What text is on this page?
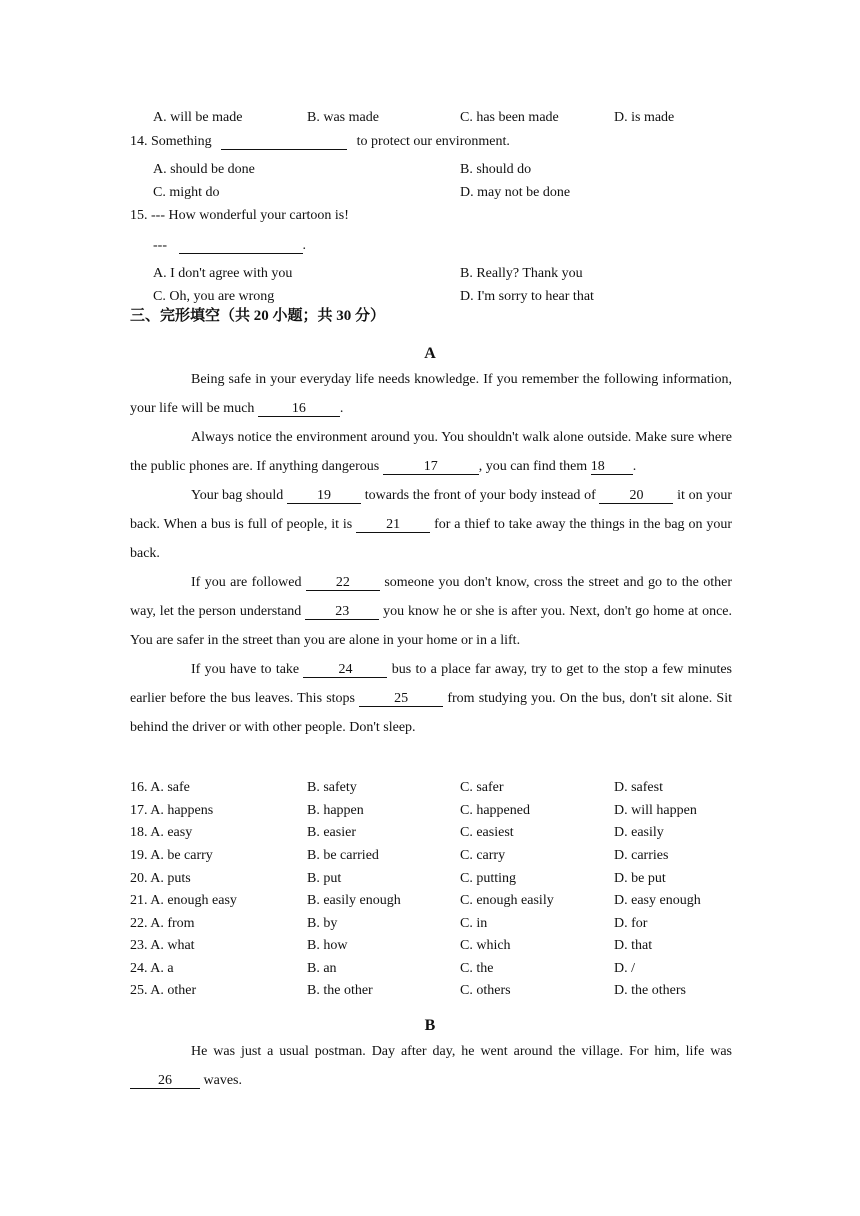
A. will be made	B. was made	C. has been made	D. is made
14. Something	to protect our environment.
A. should be done	B. should do
C. might do	D. may not be done
15. --- How wonderful your cartoon is!
---	.
A. I don't agree with you	B. Really? Thank you
C. Oh, you are wrong	D. I'm sorry to hear that
三、完形填空（共 20 小题；共 30 分）
A

Being safe in your everyday life needs knowledge. If you remember the following information, your life will be much	16 .

Always notice the environment around you. You shouldn't walk alone outside. Make sure where the public phones are. If anything dangerous	17	, you can find them 18 .

Your bag should 19 towards the front of your body instead of 20 it on your back. When a bus is full of people, it is 21 for a thief to take away the things in the bag on your back.

If you are followed 22 someone you don't know, cross the street and go to the other way, let the person understand 23 you know he or she is after you. Next, don't go home at once. You are safer in the street than you are alone in your home or in a lift.

If you have to take	24	bus to a place far away, try to get to the stop a few minutes earlier before the bus leaves. This stops	25	from studying you. On the bus, don't sit alone. Sit behind the driver or with other people. Don't sleep.

16. A. safe	B. safety	C. safer	D. safest
17. A. happens	B. happen	C. happened	D. will happen
18. A. easy	B. easier	C. easiest	D. easily
19. A. be carry	B. be carried	C. carry	D. carries
20. A. puts	B. put	C. putting	D. be put
21. A. enough easy	B. easily enough	C. enough easily	D. easy enough
22. A. from	B. by	C. in	D. for
23. A. what	B. how	C. which	D. that
24. A. a	B. an	C. the	D. /
25. A. other	B. the other	C. others	D. the others
B

He was just a usual postman. Day after day, he went around the village. For him, life was 26 waves.
